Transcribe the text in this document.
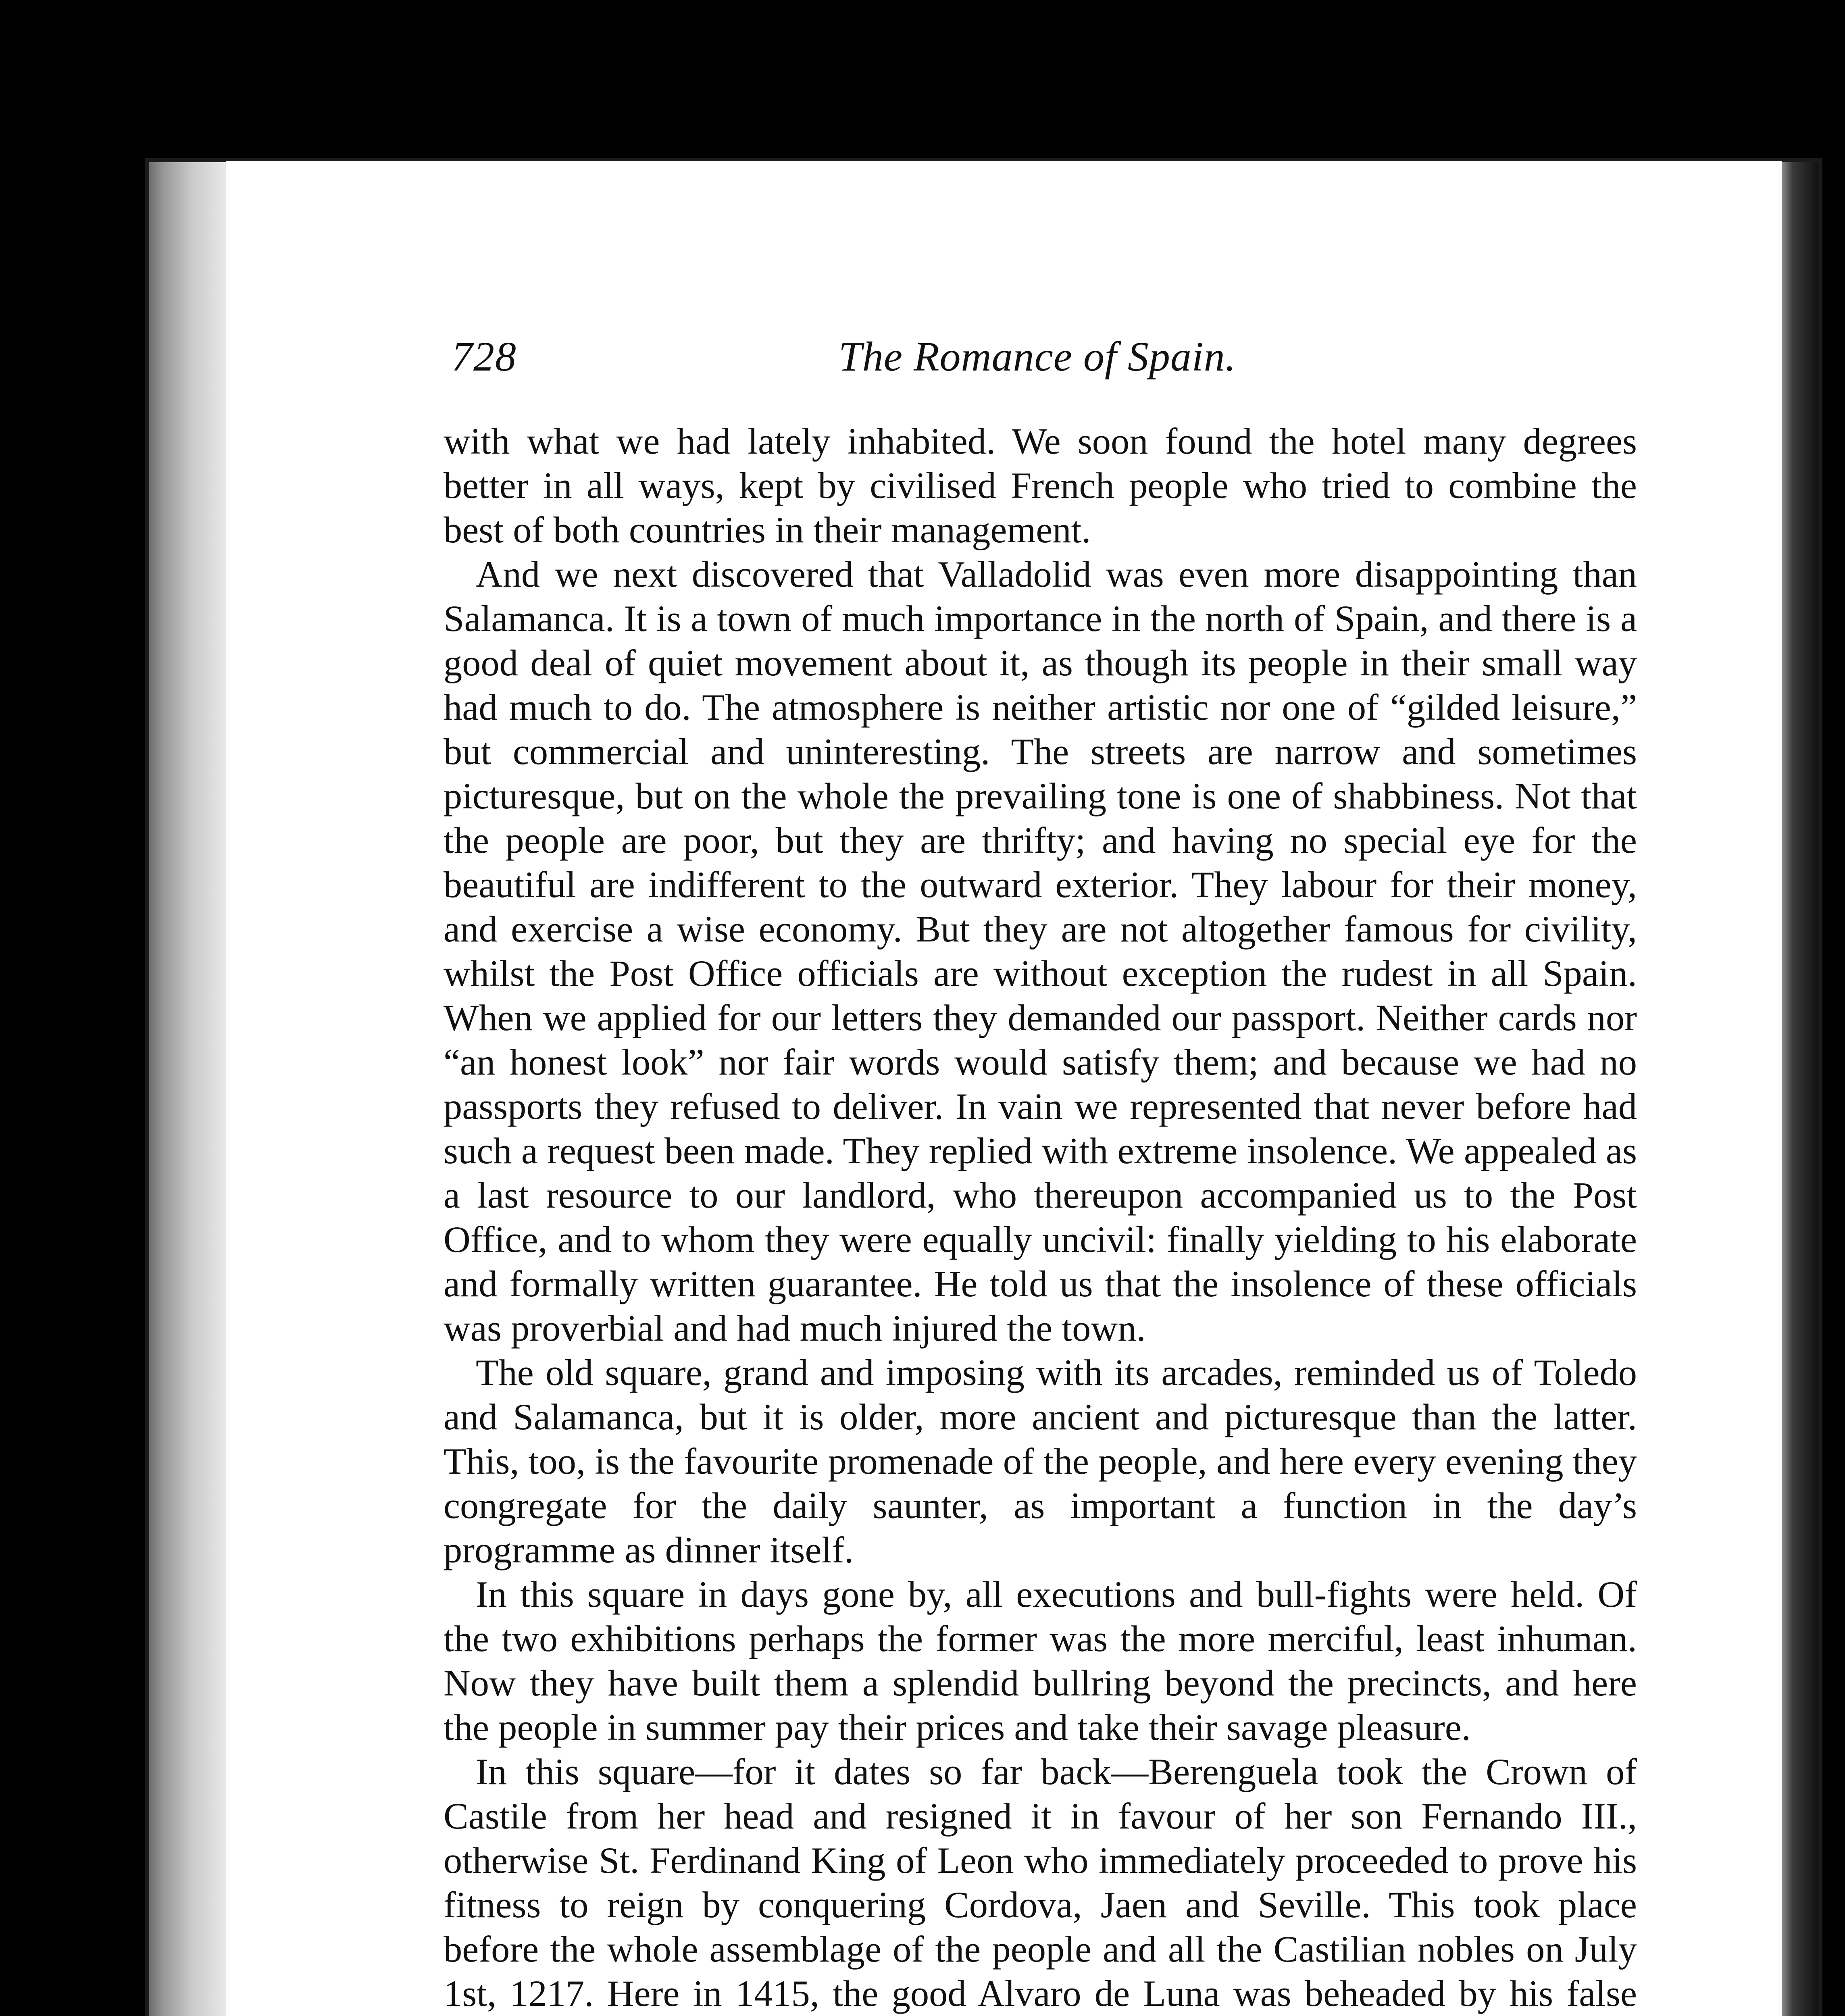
728	The Romance of Spain.

with what we had lately inhabited. We soon found the hotel many degrees better in all ways, kept by civilised French people who tried to combine the best of both countries in their management.

And we next discovered that Valladolid was even more disappointing than Salamanca. It is a town of much importance in the north of Spain, and there is a good deal of quiet movement about it, as though its people in their small way had much to do. The atmosphere is neither artistic nor one of “gilded leisure,” but commercial and uninteresting. The streets are narrow and sometimes picturesque, but on the whole the prevailing tone is one of shabbiness. Not that the people are poor, but they are thrifty; and having no special eye for the beautiful are indifferent to the outward exterior. They labour for their money, and exercise a wise economy. But they are not altogether famous for civility, whilst the Post Office officials are without exception the rudest in all Spain. When we applied for our letters they demanded our passport. Neither cards nor “an honest look” nor fair words would satisfy them; and because we had no passports they refused to deliver. In vain we represented that never before had such a request been made. They replied with extreme insolence. We appealed as a last resource to our landlord, who thereupon accompanied us to the Post Office, and to whom they were equally uncivil: finally yielding to his elaborate and formally written guarantee. He told us that the insolence of these officials was proverbial and had much injured the town.

The old square, grand and imposing with its arcades, reminded us of Toledo and Salamanca, but it is older, more ancient and picturesque than the latter. This, too, is the favourite promenade of the people, and here every evening they congregate for the daily saunter, as important a function in the day’s programme as dinner itself.

In this square in days gone by, all executions and bull-fights were held. Of the two exhibitions perhaps the former was the more merciful, least inhuman. Now they have built them a splendid bullring beyond the precincts, and here the people in summer pay their prices and take their savage pleasure.

In this square—for it dates so far back—Berenguela took the Crown of Castile from her head and resigned it in favour of her son Fernando III., otherwise St. Ferdinand King of Leon who immediately proceeded to prove his fitness to reign by conquering Cordova, Jaen and Seville. This took place before the whole assemblage of the people and all the Castilian nobles on July 1st, 1217. Here in 1415, the good Alvaro de Luna was beheaded by his false
